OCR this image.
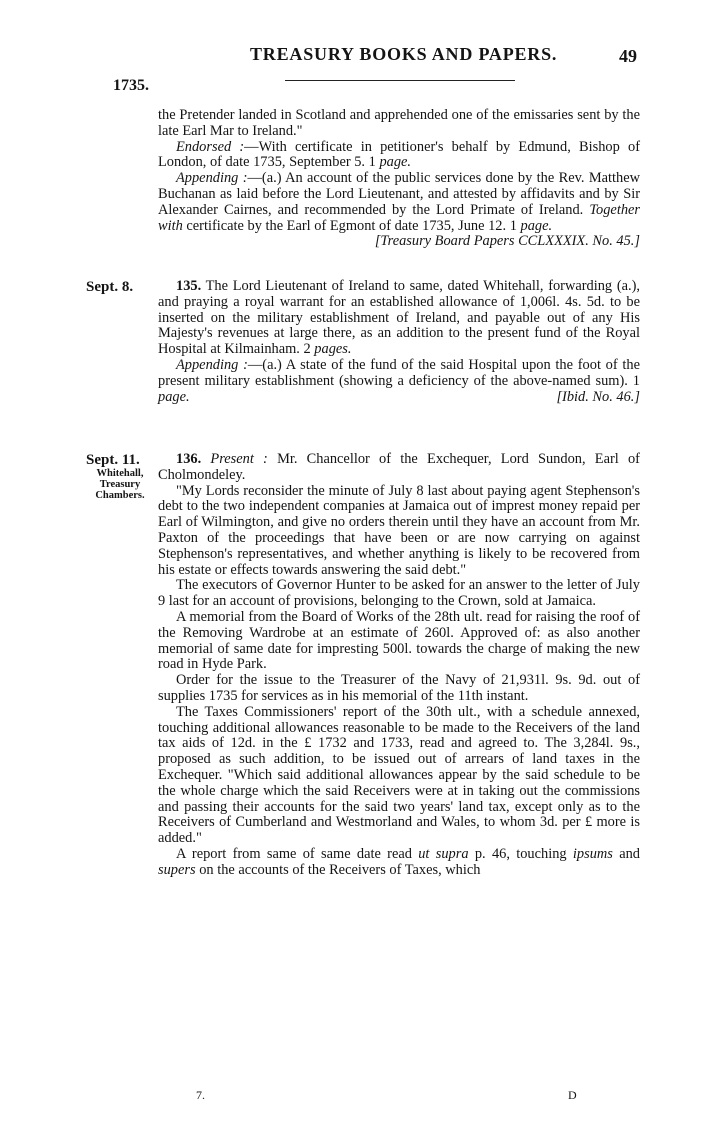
TREASURY BOOKS AND PAPERS.	49
1735.
Sept. 8.
Sept. 11.
Whitehall,
Treasury
Chambers.

the Pretender landed in Scotland and apprehended one of the emissaries sent by the late Earl Mar to Ireland."

Endorsed :—With certificate in petitioner's behalf by Edmund, Bishop of London, of date 1735, September 5. 1 page.

Appending :—(a.) An account of the public services done by the Rev. Matthew Buchanan as laid before the Lord Lieutenant, and attested by affidavits and by Sir Alexander Cairnes, and recommended by the Lord Primate of Ireland. Together with certificate by the Earl of Egmont of date 1735, June 12. 1 page.

[Treasury Board Papers CCLXXXIX. No. 45.]

135. The Lord Lieutenant of Ireland to same, dated Whitehall, forwarding (a.), and praying a royal warrant for an established allowance of 1,006l. 4s. 5d. to be inserted on the military establishment of Ireland, and payable out of any His Majesty's revenues at large there, as an addition to the present fund of the Royal Hospital at Kilmainham. 2 pages.

Appending :—(a.) A state of the fund of the said Hospital upon the foot of the present military establishment (showing a deficiency of the above-named sum). 1 page.	[Ibid. No. 46.]

136. Present : Mr. Chancellor of the Exchequer, Lord Sundon, Earl of Cholmondeley.

"My Lords reconsider the minute of July 8 last about paying agent Stephenson's debt to the two independent companies at Jamaica out of imprest money repaid per Earl of Wilmington, and give no orders therein until they have an account from Mr. Paxton of the proceedings that have been or are now carrying on against Stephenson's representatives, and whether anything is likely to be recovered from his estate or effects towards answering the said debt."

The executors of Governor Hunter to be asked for an answer to the letter of July 9 last for an account of provisions, belonging to the Crown, sold at Jamaica.

A memorial from the Board of Works of the 28th ult. read for raising the roof of the Removing Wardrobe at an estimate of 260l. Approved of: as also another memorial of same date for impresting 500l. towards the charge of making the new road in Hyde Park.

Order for the issue to the Treasurer of the Navy of 21,931l. 9s. 9d. out of supplies 1735 for services as in his memorial of the 11th instant.

The Taxes Commissioners' report of the 30th ult., with a schedule annexed, touching additional allowances reasonable to be made to the Receivers of the land tax aids of 12d. in the £ 1732 and 1733, read and agreed to. The 3,284l. 9s., proposed as such addition, to be issued out of arrears of land taxes in the Exchequer. "Which said additional allowances appear by the said schedule to be the whole charge which the said Receivers were at in taking out the commissions and passing their accounts for the said two years' land tax, except only as to the Receivers of Cumberland and Westmorland and Wales, to whom 3d. per £ more is added."

A report from same of same date read ut supra p. 46, touching ipsums and supers on the accounts of the Receivers of Taxes, which

7.	D
